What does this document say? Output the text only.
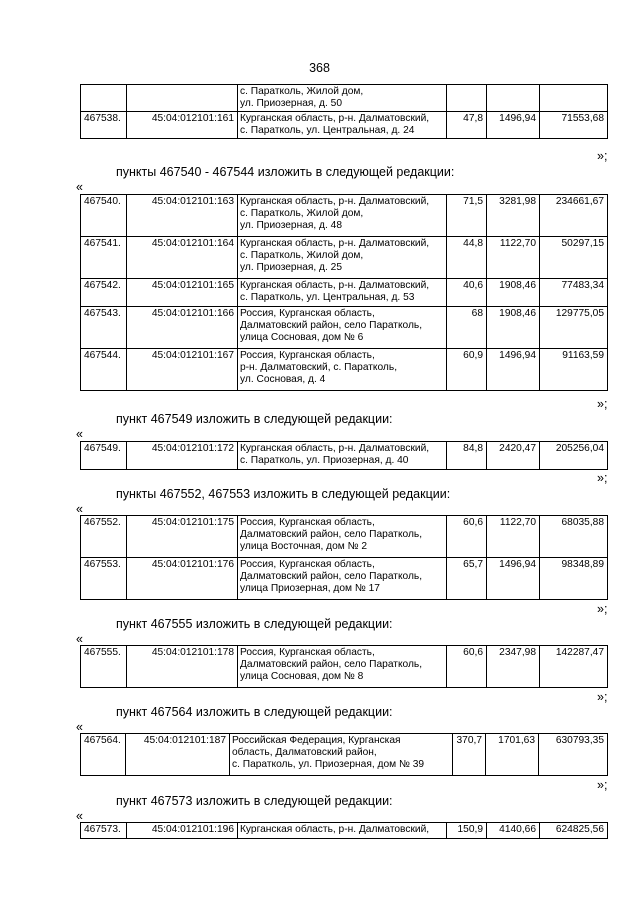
368

		с. Паратколь, Жилой дом,
ул. Приозерная, д. 50			

467538.	45:04:012101:161	Курганская область, р-н. Далматовский,
с. Паратколь, ул. Центральная, д. 24	47,8	1496,94	71553,68
»;
пункты 467540 - 467544 изложить в следующей редакции:
«
467540.	45:04:012101:163	Курганская область, р-н. Далматовский,
с. Паратколь, Жилой дом,
ул. Приозерная, д. 48	71,5	3281,98	234661,67
467541.	45:04:012101:164	Курганская область, р-н. Далматовский,
с. Паратколь, Жилой дом,
ул. Приозерная, д. 25	44,8	1122,70	50297,15
467542.	45:04:012101:165	Курганская область, р-н. Далматовский,
с. Паратколь, ул. Центральная, д. 53	40,6	1908,46	77483,34
467543.	45:04:012101:166	Россия, Курганская область,
Далматовский район, село Паратколь,
улица Сосновая, дом № 6	68	1908,46	129775,05
467544.	45:04:012101:167	Россия, Курганская область,
р-н. Далматовский, с. Паратколь,
ул. Сосновая, д. 4	60,9	1496,94	91163,59
»;
пункт 467549 изложить в следующей редакции:
«
467549.	45:04:012101:172	Курганская область, р-н. Далматовский,
с. Паратколь, ул. Приозерная, д. 40
	84,8	2420,47	205256,04
»;
пункты 467552, 467553 изложить в следующей редакции:
«
467552.	45:04:012101:175	Россия, Курганская область,
Далматовский район, село Паратколь,
улица Восточная, дом № 2	60,6	1122,70	68035,88
467553.	45:04:012101:176	Россия, Курганская область,
Далматовский район, село Паратколь,
улица Приозерная, дом № 17	65,7	1496,94	98348,89
»;
пункт 467555 изложить в следующей редакции:
«
467555.	45:04:012101:178	Россия, Курганская область,
Далматовский район, село Паратколь,
улица Сосновая, дом № 8
	60,6	2347,98	142287,47
»;
пункт 467564 изложить в следующей редакции:
«
467564.	45:04:012101:187	Российская Федерация, Курганская
область, Далматовский район,
с. Паратколь, ул. Приозерная, дом № 39
	370,7	1701,63	630793,35
»;
пункт 467573 изложить в следующей редакции:
«
467573.	45:04:012101:196	Курганская область, р-н. Далматовский,	150,9	4140,66	624825,56
